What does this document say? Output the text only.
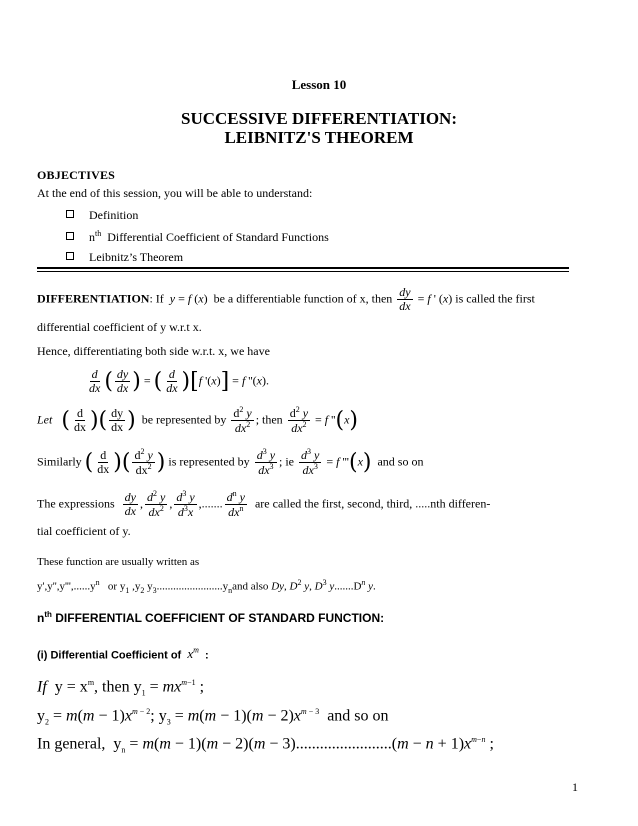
Lesson 10
SUCCESSIVE DIFFERENTIATION:
LEIBNITZ'S THEOREM
OBJECTIVES
At the end of this session, you will be able to understand:
Definition
$n^{th}$ Differential Coefficient of Standard Functions
Leibnitz’s Theorem
DIFFERENTIATION: If y = f (x)  be a differentiable function of x, then $\frac{dy}{dx} = f$ ' (x) is called the first
differential coefficient of y w.r.t x.
Hence, differentiating both side w.r.t. x, we have
$\frac{d}{dx}$ ( $\frac{dy}{dx}$ ) = ( $\frac{d}{dx} )[f$ '(x)] = f ''(x).
Let ( $\frac{d}{dx}$ )( $\frac{dy}{dx}$ ) be represented by $\frac{d^2 y}{dx^2}$ ; then $\frac{d^2 y}{dx^2} = f$ ''(x)
Similarly ( $\frac{d}{dx}$ )( $\frac{d^2 y}{dx^2}$ ) is represented by $\frac{d^3 y}{dx^3}$ ; ie $\frac{d^3 y}{dx^3} = f$ '''(x) and so on
The expressions $\frac{dy}{dx}$ , $\frac{d^2 y}{dx^2}$ , $\frac{d^3 y}{d^3x}$ ,....... $\frac{d^n y}{dx^n}$ are called the first, second, third, .....nth differen-
tial coefficient of y.
These function are usually written as
$y',y'',y''',......y^n$ or $y_1$ $,y_2$ $y_3........................y_nand$ also Dy, $D^2$ y, $D^3$ $y.......D^n$ y.
$n^{th}$ DIFFERENTIAL COEFFICIENT OF STANDARD FUNCTION:
(i) Differential Coefficient of $x^m$  :
If  $y = x^m$, then $y_1 = mx^{m-1}$ ;
$y_2 = m(m - 1)x^{m - 2}$; $y_3 = m(m - 1)(m - 2)x^{m - 3}$ and so on
In general,  $y_n = m(m - 1)(m - 2)(m - 3)........................(m - n + 1)x^{m-n}$ ;
1
